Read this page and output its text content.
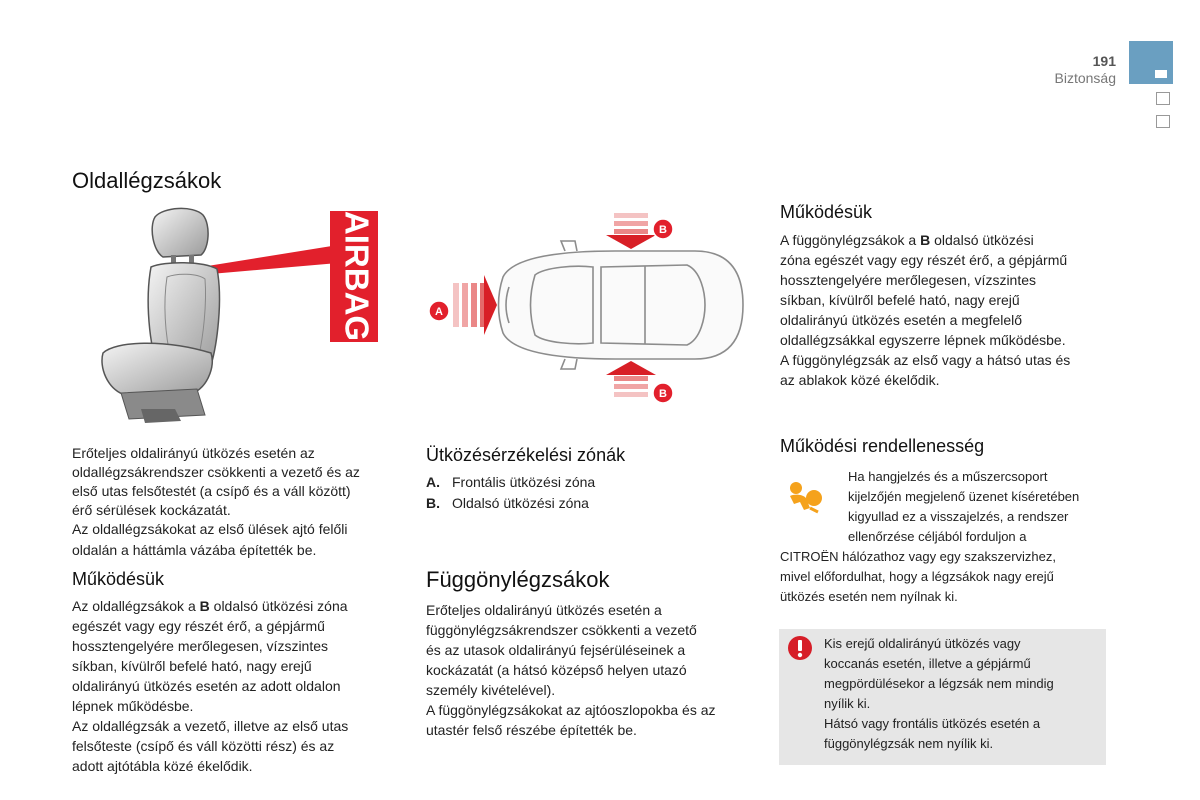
191
Biztonság
Oldallégzsákok
AIRBAG

Erőteljes oldalirányú ütközés esetén az

oldallégzsákrendszer csökkenti a vezető és az

első utas felsőtestét (a csípő és a váll között)

érő sérülések kockázatát.

Az oldallégzsákokat az első ülések ajtó felőli

oldalán a háttámla vázába építették be.

Működésük

Az oldallégzsákok a B oldalsó ütközési zóna

egészét vagy egy részét érő, a gépjármű

hossztengelyére merőlegesen, vízszintes

síkban, kívülről befelé ható, nagy erejű

oldalirányú ütközés esetén az adott oldalon

lépnek működésbe.

Az oldallégzsák a vezető, illetve az első utas

felsőteste (csípő és váll közötti rész) és az

adott ajtótábla közé ékelődik.

A
B
B
Ütközésérzékelési zónák
A. Frontális ütközési zóna
B. Oldalsó ütközési zóna
Függönylégzsákok

Erőteljes oldalirányú ütközés esetén a

függönylégzsákrendszer csökkenti a vezető

és az utasok oldalirányú fejsérüléseinek a

kockázatát (a hátsó középső helyen utazó

személy kivételével).

A függönylégzsákokat az ajtóoszlopokba és az

utastér felső részébe építették be.

Működésük

A függönylégzsákok a B oldalsó ütközési

zóna egészét vagy egy részét érő, a gépjármű

hossztengelyére merőlegesen, vízszintes

síkban, kívülről befelé ható, nagy erejű

oldalirányú ütközés esetén a megfelelő

oldallégzsákkal egyszerre lépnek működésbe.

A függönylégzsák az első vagy a hátsó utas és

az ablakok közé ékelődik.

Működési rendellenesség
Ha hangjelzés és a műszercsoport
kijelzőjén megjelenő üzenet kíséretében
kigyullad ez a visszajelzés, a rendszer
ellenőrzése céljából forduljon a
CITROËN hálózathoz vagy egy szakszervizhez,
mivel előfordulhat, hogy a légzsákok nagy erejű
ütközés esetén nem nyílnak ki.
Kis erejű oldalirányú ütközés vagy
koccanás esetén, illetve a gépjármű
megpördülésekor a légzsák nem mindig
nyílik ki.
Hátsó vagy frontális ütközés esetén a
függönylégzsák nem nyílik ki.
